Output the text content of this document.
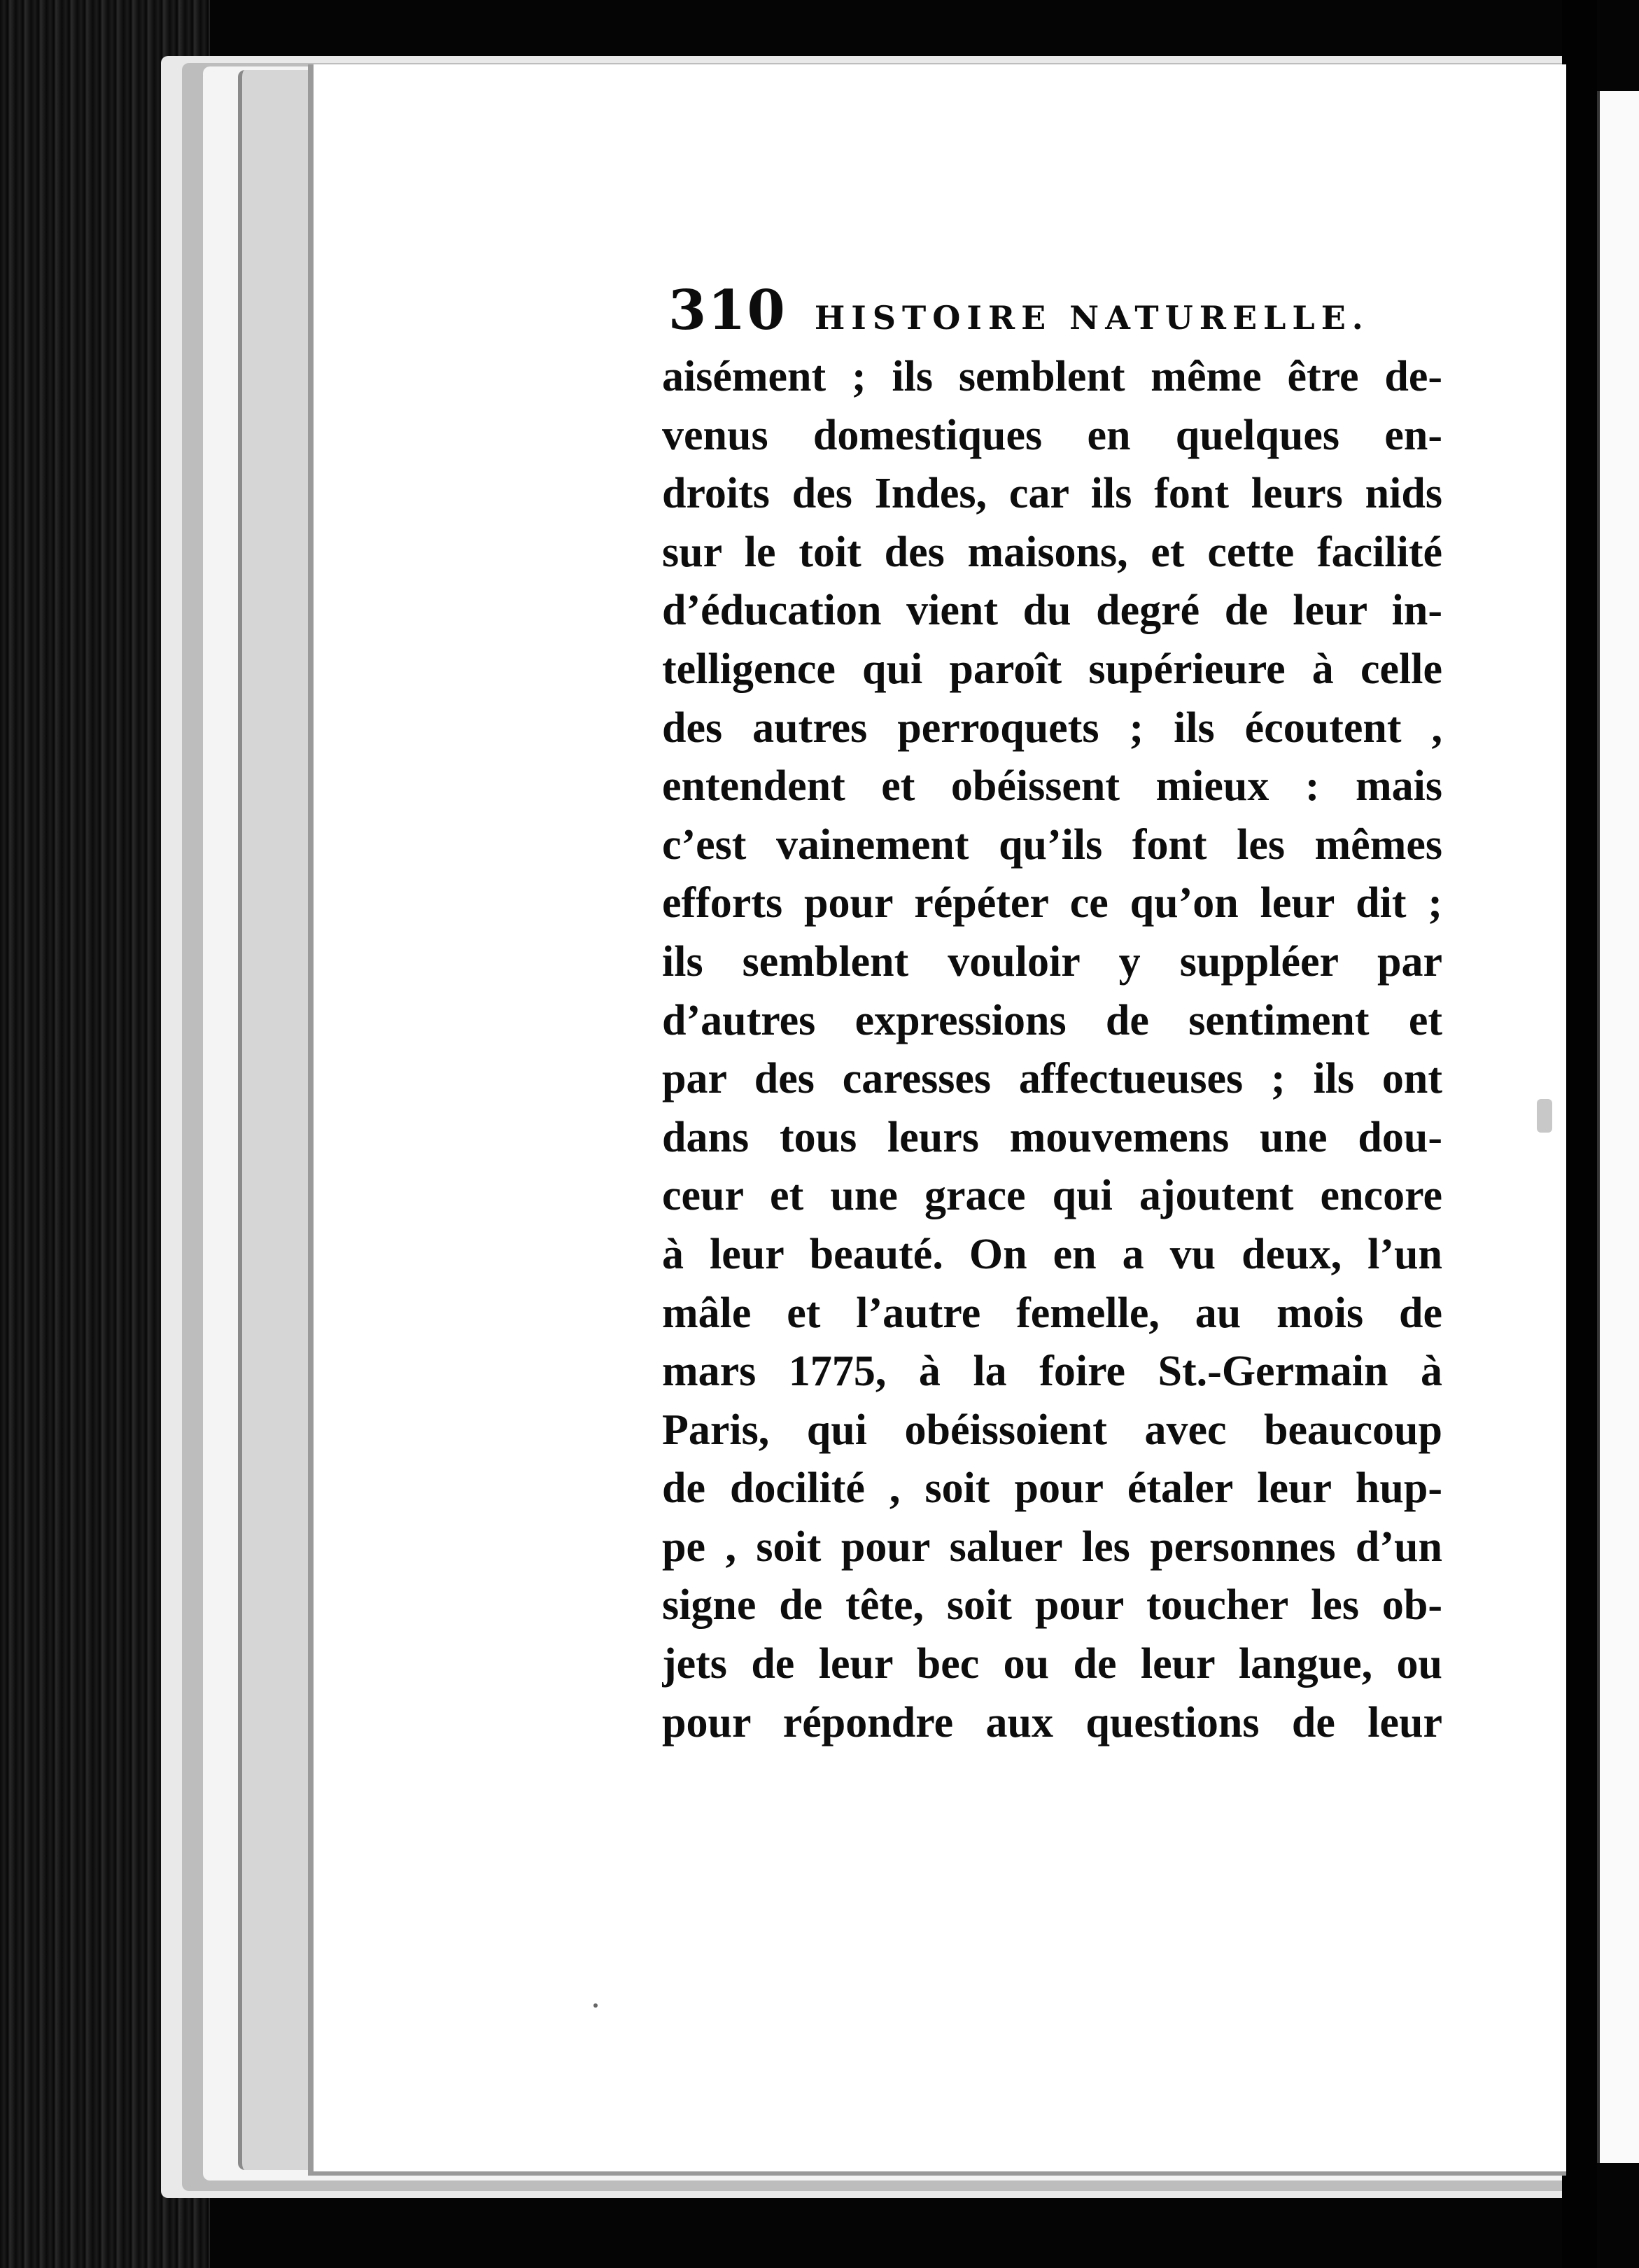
310 HISTOIRE NATURELLE.
aisément ; ils semblent même être de-
venus domestiques en quelques en-
droits des Indes, car ils font leurs nids
sur le toit des maisons, et cette facilité
d’éducation vient du degré de leur in-
telligence qui paroît supérieure à celle
des autres perroquets ; ils écoutent ,
entendent et obéissent mieux : mais
c’est vainement qu’ils font les mêmes
efforts pour répéter ce qu’on leur dit ;
ils semblent vouloir y suppléer par
d’autres expressions de sentiment et
par des caresses affectueuses ; ils ont
dans tous leurs mouvemens une dou-
ceur et une grace qui ajoutent encore
à leur beauté. On en a vu deux, l’un
mâle et l’autre femelle, au mois de
mars 1775, à la foire St.-Germain à
Paris, qui obéissoient avec beaucoup
de docilité , soit pour étaler leur hup-
pe , soit pour saluer les personnes d’un
signe de tête, soit pour toucher les ob-
jets de leur bec ou de leur langue, ou
pour répondre aux questions de leur
